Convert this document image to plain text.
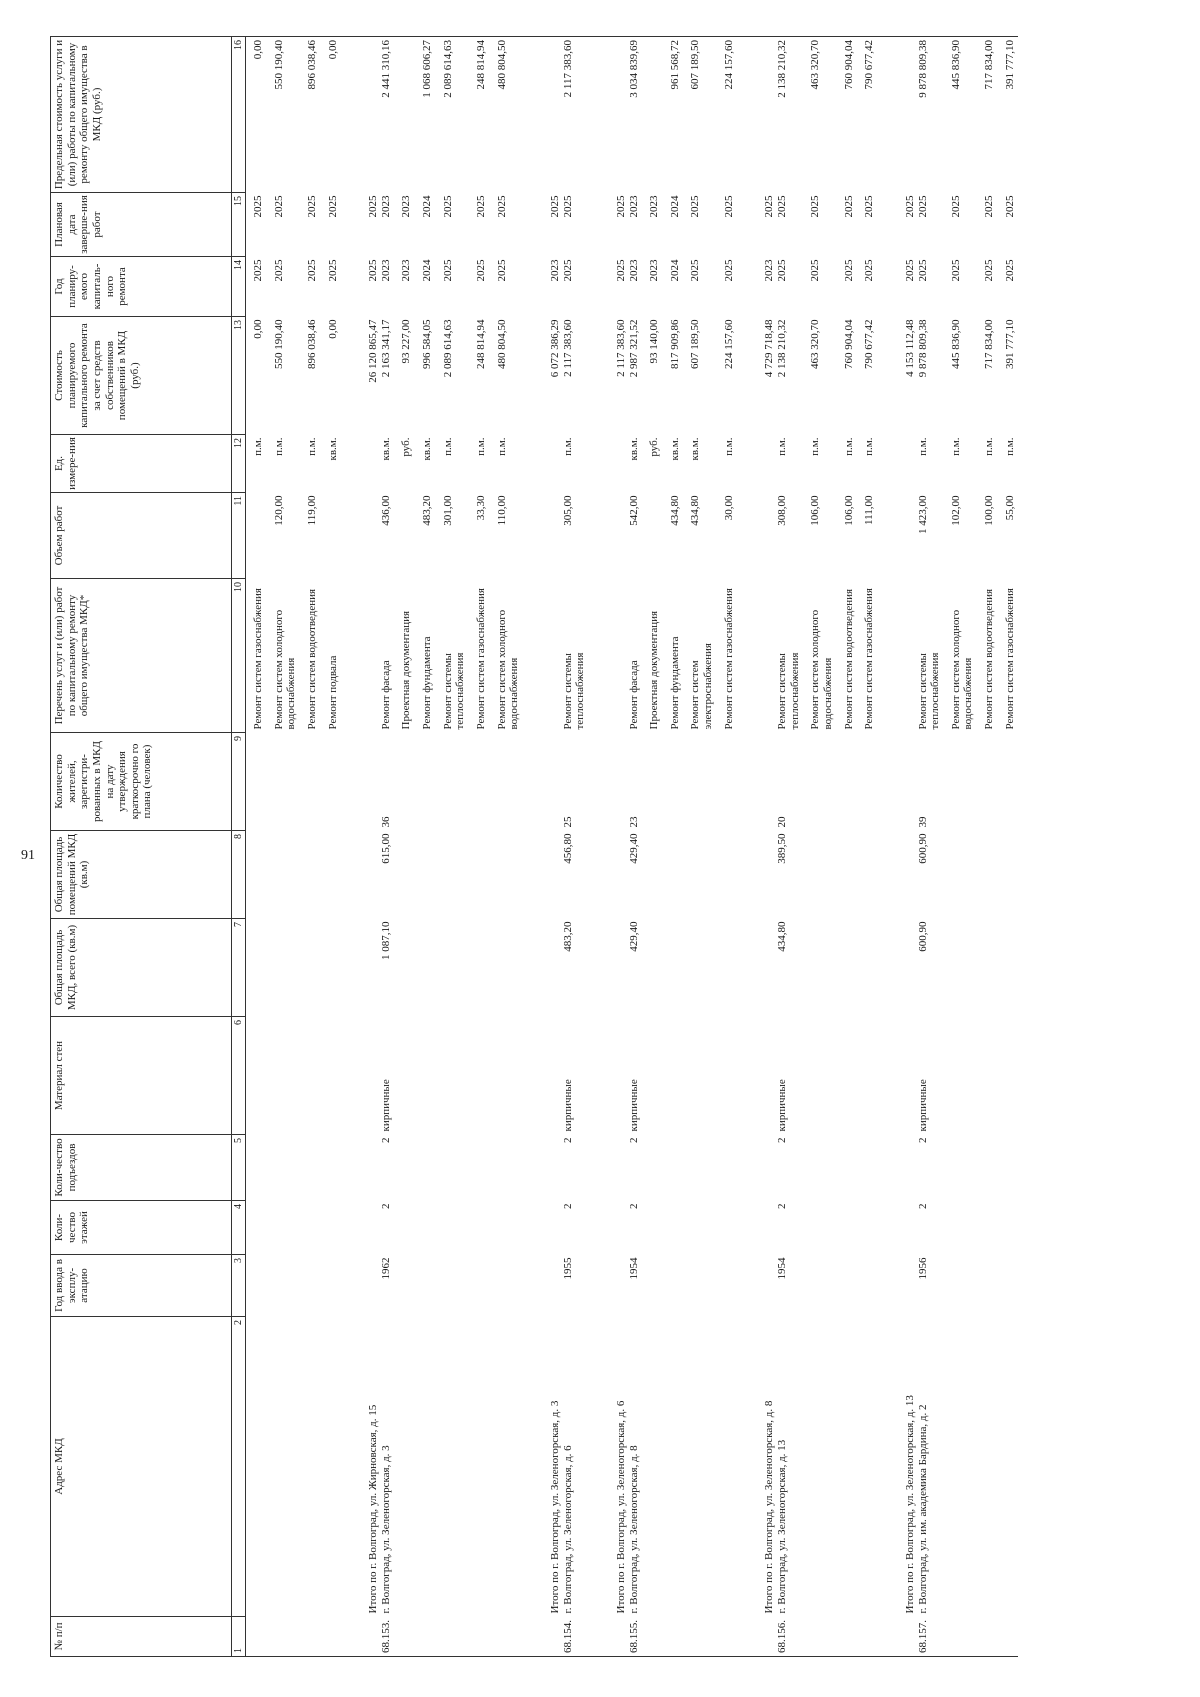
91
№ п/п	Адрес МКД	Год ввода в эксплу-атацию	Коли-чество этажей	Коли-чество подъездов	Материал стен	Общая площадь МКД, всего (кв.м)	Общая площадь помещений МКД (кв.м)	Количество жителей, зарегистри-рованных в МКД на дату утверждения краткосрочно го плана (человек)	Перечень услуг и (или) работ по капитальному ремонту общего имущества МКД*	Объем работ	Ед. измере-ния	Стоимость планируемого капитального ремонта за счет средств собственников помещений в МКД (руб.)	Год планиру-емого капиталь-ного ремонта	Плановая дата заверше-ния работ	Предельная стоимость услуги и (или) работы по капитальному ремонту общего имущества в МКД (руб.)
1	2	3	4	5	6	7	8	9	10	11	12	13	14	15	16
									Ремонт систем газоснабжения		п.м.	0,00	2025	2025	0,00
									Ремонт систем холодного водоснабжения	120,00	п.м.	550 190,40	2025	2025	550 190,40
									Ремонт систем водоотведения	119,00	п.м.	896 038,46	2025	2025	896 038,46
									Ремонт подвала		кв.м.	0,00	2025	2025	0,00
	Итого по г. Волгоград, ул. Жирновская, д. 15											26 120 865,47	2025	2025	
68.153.	г. Волгоград, ул. Зеленогорская, д. 3	1962	2	2	кирпичные	1 087,10	615,00	36	Ремонт фасада	436,00	кв.м.	2 163 341,17	2023	2023	2 441 310,16
									Проектная документация		руб.	93 227,00	2023	2023	
									Ремонт фундамента	483,20	кв.м.	996 584,05	2024	2024	1 068 606,27
									Ремонт системы теплоснабжения	301,00	п.м.	2 089 614,63	2025	2025	2 089 614,63
									Ремонт систем газоснабжения	33,30	п.м.	248 814,94	2025	2025	248 814,94
									Ремонт систем холодного водоснабжения	110,00	п.м.	480 804,50	2025	2025	480 804,50
	Итого по г. Волгоград, ул. Зеленогорская, д. 3											6 072 386,29	2023	2025	
68.154.	г. Волгоград, ул. Зеленогорская, д. 6	1955	2	2	кирпичные	483,20	456,80	25	Ремонт системы теплоснабжения	305,00	п.м.	2 117 383,60	2025	2025	2 117 383,60
	Итого по г. Волгоград, ул. Зеленогорская, д. 6											2 117 383,60	2025	2025	
68.155.	г. Волгоград, ул. Зеленогорская, д. 8	1954	2	2	кирпичные	429,40	429,40	23	Ремонт фасада	542,00	кв.м.	2 987 321,52	2023	2023	3 034 839,69
									Проектная документация		руб.	93 140,00	2023	2023	
									Ремонт фундамента	434,80	кв.м.	817 909,86	2024	2024	961 568,72
									Ремонт систем электроснабжения	434,80	кв.м.	607 189,50	2025	2025	607 189,50
									Ремонт систем газоснабжения	30,00	п.м.	224 157,60	2025	2025	224 157,60
	Итого по г. Волгоград, ул. Зеленогорская, д. 8											4 729 718,48	2023	2025	
68.156.	г. Волгоград, ул. Зеленогорская, д. 13	1954	2	2	кирпичные	434,80	389,50	20	Ремонт системы теплоснабжения	308,00	п.м.	2 138 210,32	2025	2025	2 138 210,32
									Ремонт систем холодного водоснабжения	106,00	п.м.	463 320,70	2025	2025	463 320,70
									Ремонт систем водоотведения	106,00	п.м.	760 904,04	2025	2025	760 904,04
									Ремонт систем газоснабжения	111,00	п.м.	790 677,42	2025	2025	790 677,42
	Итого по г. Волгоград, ул. Зеленогорская, д. 13											4 153 112,48	2025	2025	
68.157.	г. Волгоград, ул. им. академика Бардина, д. 2	1956	2	2	кирпичные	600,90	600,90	39	Ремонт системы теплоснабжения	1 423,00	п.м.	9 878 809,38	2025	2025	9 878 809,38
									Ремонт систем холодного водоснабжения	102,00	п.м.	445 836,90	2025	2025	445 836,90
									Ремонт систем водоотведения	100,00	п.м.	717 834,00	2025	2025	717 834,00
									Ремонт систем газоснабжения	55,00	п.м.	391 777,10	2025	2025	391 777,10
